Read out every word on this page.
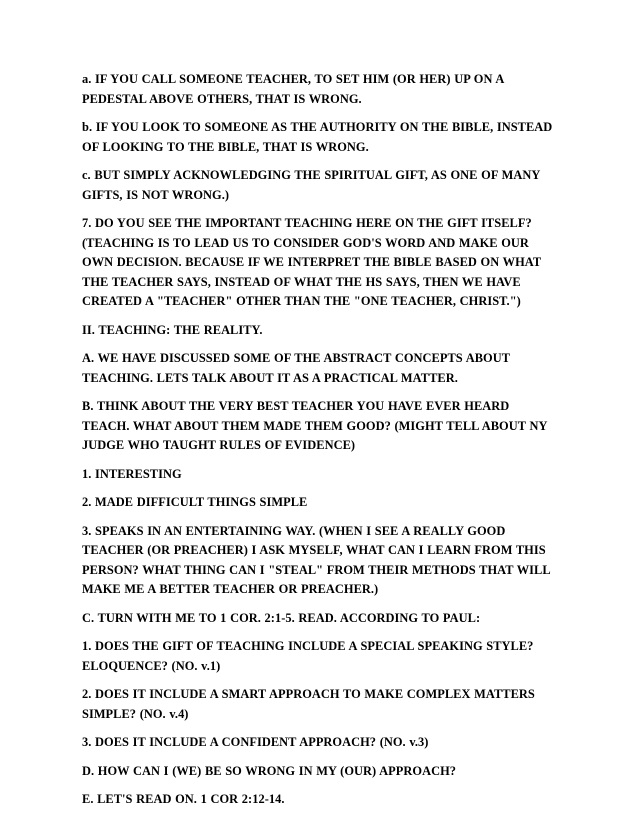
a. IF YOU CALL SOMEONE TEACHER, TO SET HIM (OR HER) UP ON A PEDESTAL ABOVE OTHERS, THAT IS WRONG.

b. IF YOU LOOK TO SOMEONE AS THE AUTHORITY ON THE BIBLE, INSTEAD OF LOOKING TO THE BIBLE, THAT IS WRONG.

c. BUT SIMPLY ACKNOWLEDGING THE SPIRITUAL GIFT, AS ONE OF MANY GIFTS, IS NOT WRONG.)

7. DO YOU SEE THE IMPORTANT TEACHING HERE ON THE GIFT ITSELF? (TEACHING IS TO LEAD US TO CONSIDER GOD'S WORD AND MAKE OUR OWN DECISION. BECAUSE IF WE INTERPRET THE BIBLE BASED ON WHAT THE TEACHER SAYS, INSTEAD OF WHAT THE HS SAYS, THEN WE HAVE CREATED A "TEACHER" OTHER THAN THE "ONE TEACHER, CHRIST.")

II. TEACHING: THE REALITY.

A. WE HAVE DISCUSSED SOME OF THE ABSTRACT CONCEPTS ABOUT TEACHING. LETS TALK ABOUT IT AS A PRACTICAL MATTER.

B. THINK ABOUT THE VERY BEST TEACHER YOU HAVE EVER HEARD TEACH. WHAT ABOUT THEM MADE THEM GOOD? (MIGHT TELL ABOUT NY JUDGE WHO TAUGHT RULES OF EVIDENCE)

1. INTERESTING

2. MADE DIFFICULT THINGS SIMPLE

3. SPEAKS IN AN ENTERTAINING WAY. (WHEN I SEE A REALLY GOOD TEACHER (OR PREACHER) I ASK MYSELF, WHAT CAN I LEARN FROM THIS PERSON? WHAT THING CAN I "STEAL" FROM THEIR METHODS THAT WILL MAKE ME A BETTER TEACHER OR PREACHER.)

C. TURN WITH ME TO 1 COR. 2:1-5. READ. ACCORDING TO PAUL:

1. DOES THE GIFT OF TEACHING INCLUDE A SPECIAL SPEAKING STYLE? ELOQUENCE? (NO. v.1)

2. DOES IT INCLUDE A SMART APPROACH TO MAKE COMPLEX MATTERS SIMPLE? (NO. v.4)

3. DOES IT INCLUDE A CONFIDENT APPROACH? (NO. v.3)

D. HOW CAN I (WE) BE SO WRONG IN MY (OUR) APPROACH?

E. LET'S READ ON. 1 COR 2:12-14.
